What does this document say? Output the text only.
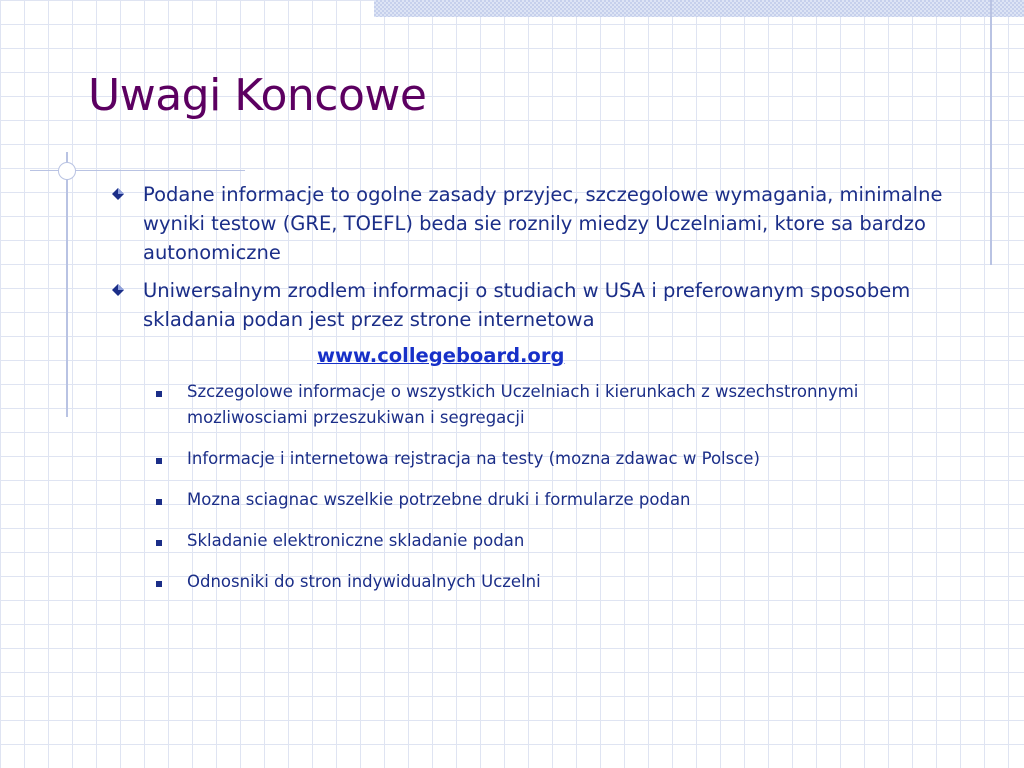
Uwagi Koncowe
Podane informacje to ogolne zasady przyjec, szczegolowe wymagania, minimalne wyniki testow (GRE, TOEFL) beda sie roznily miedzy Uczelniami, ktore sa bardzo autonomiczne
Uniwersalnym zrodlem informacji o studiach w USA i preferowanym sposobem skladania podan jest przez strone internetowa
www.collegeboard.org
Szczegolowe informacje o wszystkich Uczelniach i kierunkach z wszechstronnymi mozliwosciami przeszukiwan i segregacji
Informacje i internetowa rejstracja na testy (mozna zdawac w Polsce)
Mozna sciagnac wszelkie potrzebne druki i formularze podan
Skladanie elektroniczne skladanie podan
Odnosniki do stron indywidualnych Uczelni
